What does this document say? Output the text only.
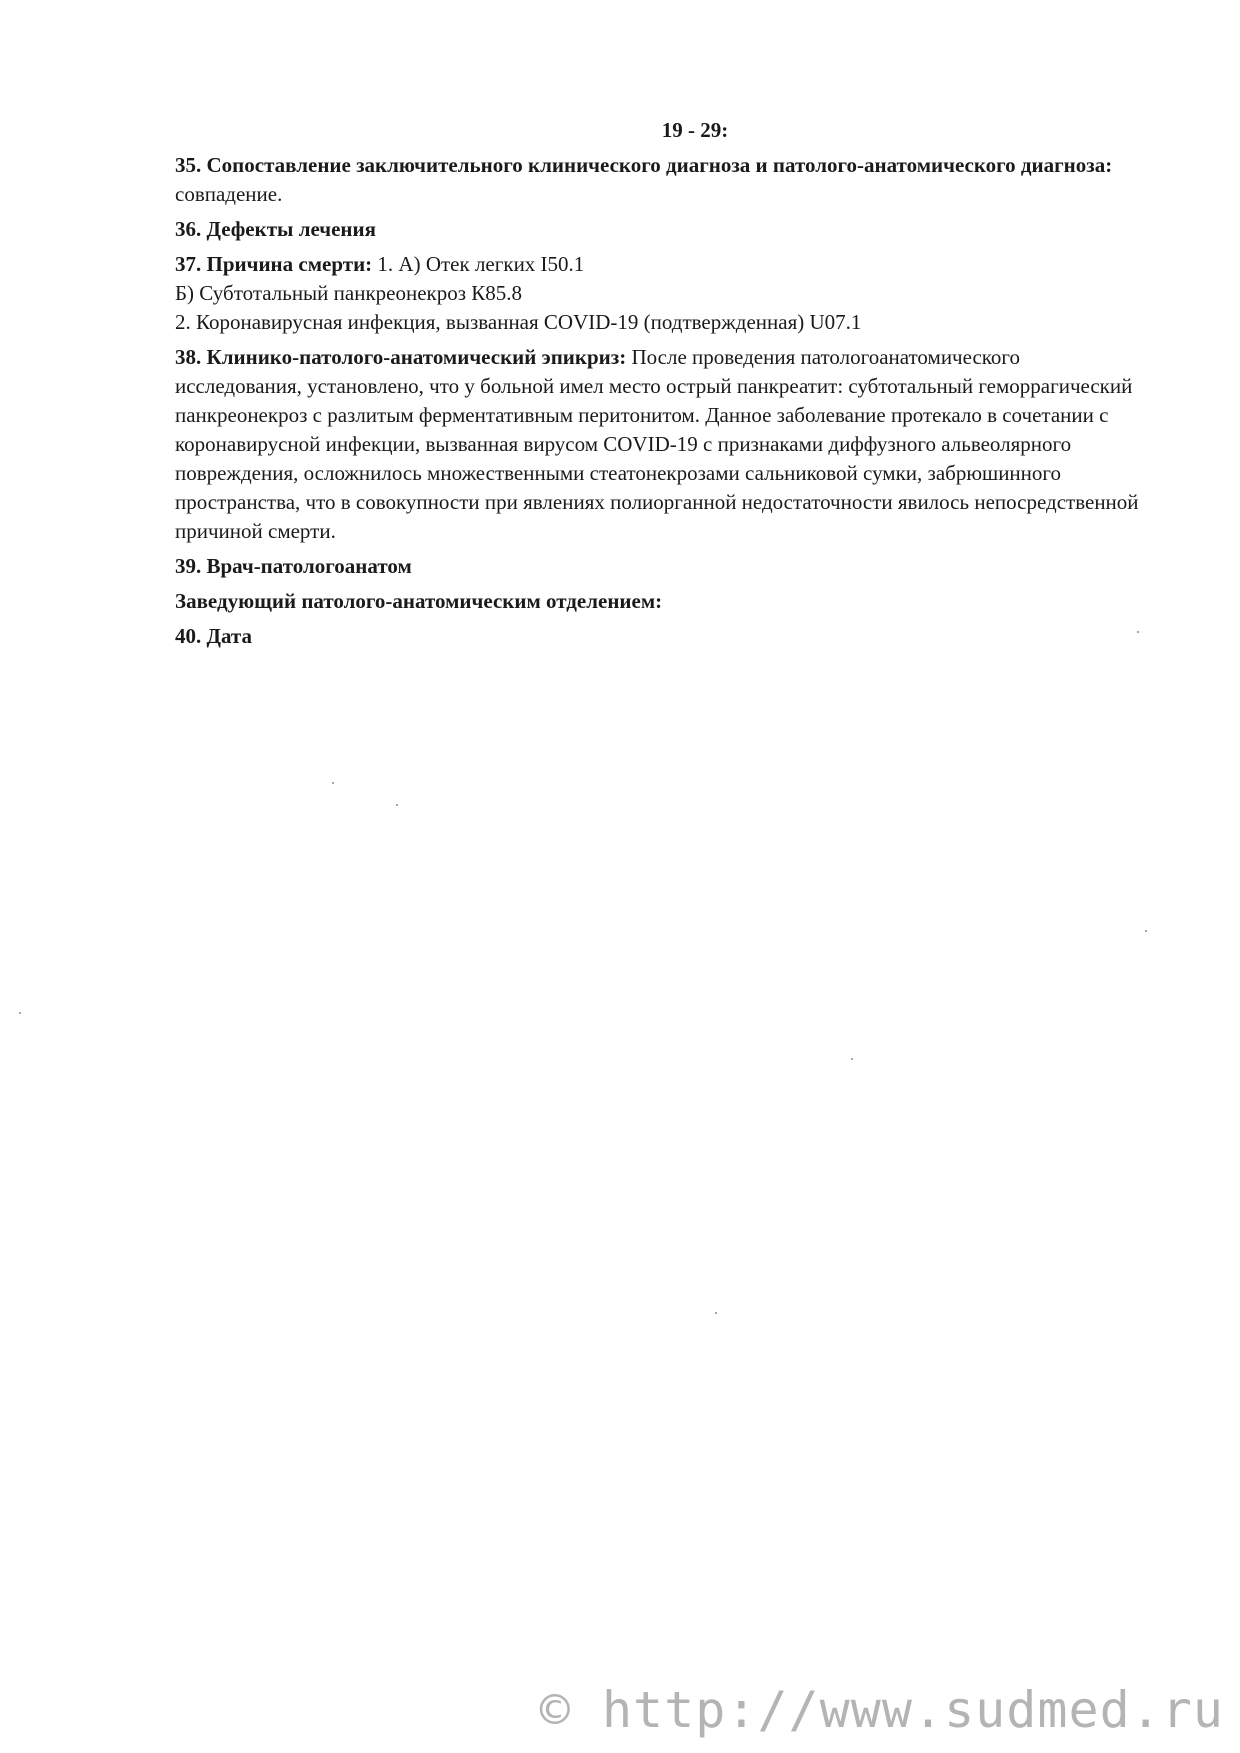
19 - 29:

35. Сопоставление заключительного клинического диагноза и патолого-анатомического диагноза: совпадение.

36. Дефекты лечения

37. Причина смерти: 1. А) Отек легких I50.1

Б) Субтотальный панкреонекроз К85.8

2. Коронавирусная инфекция, вызванная COVID-19 (подтвержденная) U07.1

38. Клинико-патолого-анатомический эпикриз: После проведения патологоанатомического исследования, установлено, что у больной имел место острый панкреатит: субтотальный геморрагический панкреонекроз с разлитым ферментативным перитонитом. Данное заболевание протекало в сочетании с коронавирусной инфекции, вызванная вирусом COVID-19 с признаками диффузного альвеолярного повреждения, осложнилось множественными стеатонекрозами сальниковой сумки, забрюшинного пространства, что в совокупности при явлениях полиорганной недостаточности явилось непосредственной причиной смерти.

39. Врач-патологоанатом

Заведующий патолого-анатомическим отделением:

40. Дата

© http://www.sudmed.ru
